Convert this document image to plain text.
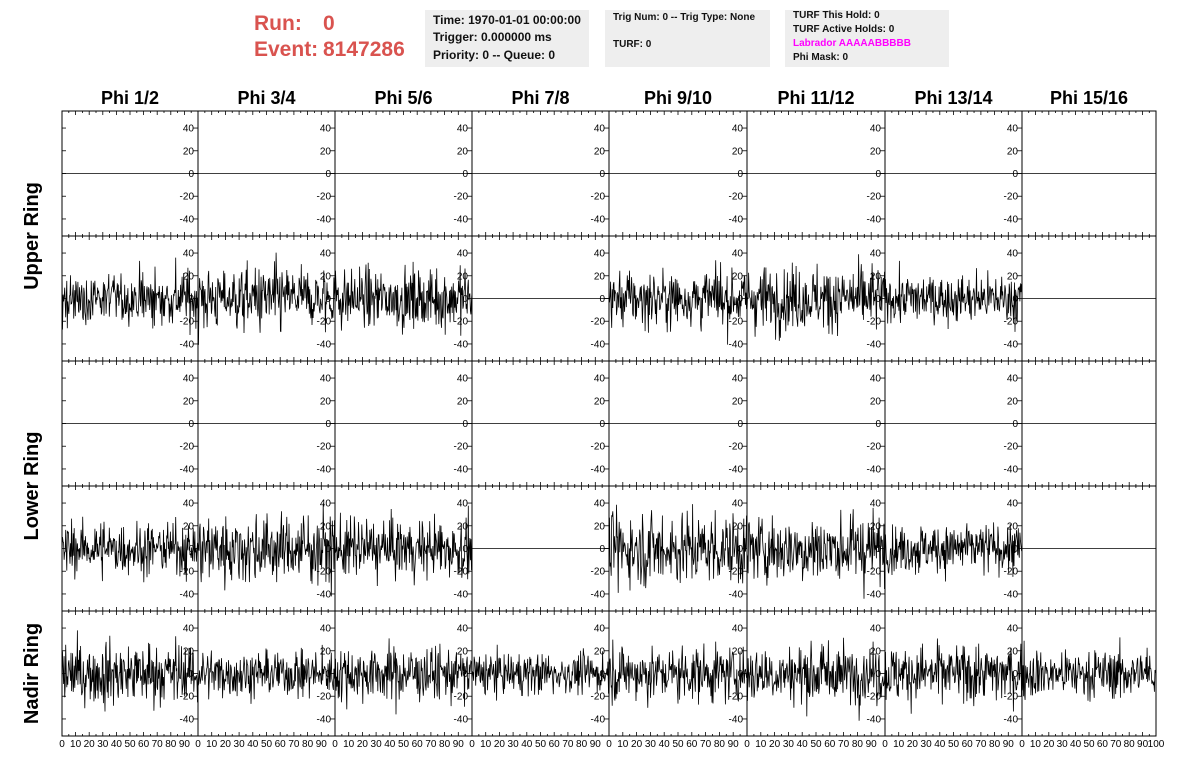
Run: 0
Event: 8147286
Time: 1970-01-01 00:00:00
Trigger: 0.000000 ms
Priority: 0 -- Queue: 0
Trig Num: 0 -- Trig Type: None
TURF: 0
TURF This Hold: 0
TURF Active Holds: 0
Labrador AAAAABBBBB
Phi Mask: 0
Phi 1/2	Phi 3/4	Phi 5/6	Phi 7/8	Phi 9/10	Phi 11/12	Phi 13/14	Phi 15/16
Upper Ring
Lower Ring
Nadir Ring
40
20
0
-20
-40
40
20
0
-20
-40
40
20
0
-20
-40
40
20
0
-20
-40
40
20
0
-20
-40
40
20
0
-20
-40
40
20
0
-20
-40
40
20
0
-20
-40
40
20
0
-20
-40
40
20
0
-20
-40
40
20
0
-20
-40
40
20
0
-20
-40
40
20
0
-20
-40
40
20
0
-20
-40
40
20
0
-20
-40
40
20
0
-20
-40
40
20
0
-20
-40
40
20
0
-20
-40
40
20
0
-20
-40
40
20
0
-20
-40
40
20
0
-20
-40
40
20
0
-20
-40
40
20
0
-20
-40
40
20
0
-20
-40
40
20
0
-20
-40
40
20
0
-20
-40
40
20
0
-20
-40
40
20
0
-20
-40
40
20
0
-20
-40
40
20
0
-20
-40
40
20
0
-20
-40
40
20
0
-20
-40
40
20
0
-20
-40
40
20
0
-20
-40
40
20
0
-20
-40
0 10 20 30 40 50 60 70 80 90 0 10 20 30 40 50 60 70 80 90 0 10 20 30 40 50 60 70 80 90 0 10 20 30 40 50 60 70 80 90 0 10 20 30 40 50 60 70 80 90 0 10 20 30 40 50 60 70 80 90 0 10 20 30 40 50 60 70 80 90 0 10 20 30 40 50 60 70 80 90 100
